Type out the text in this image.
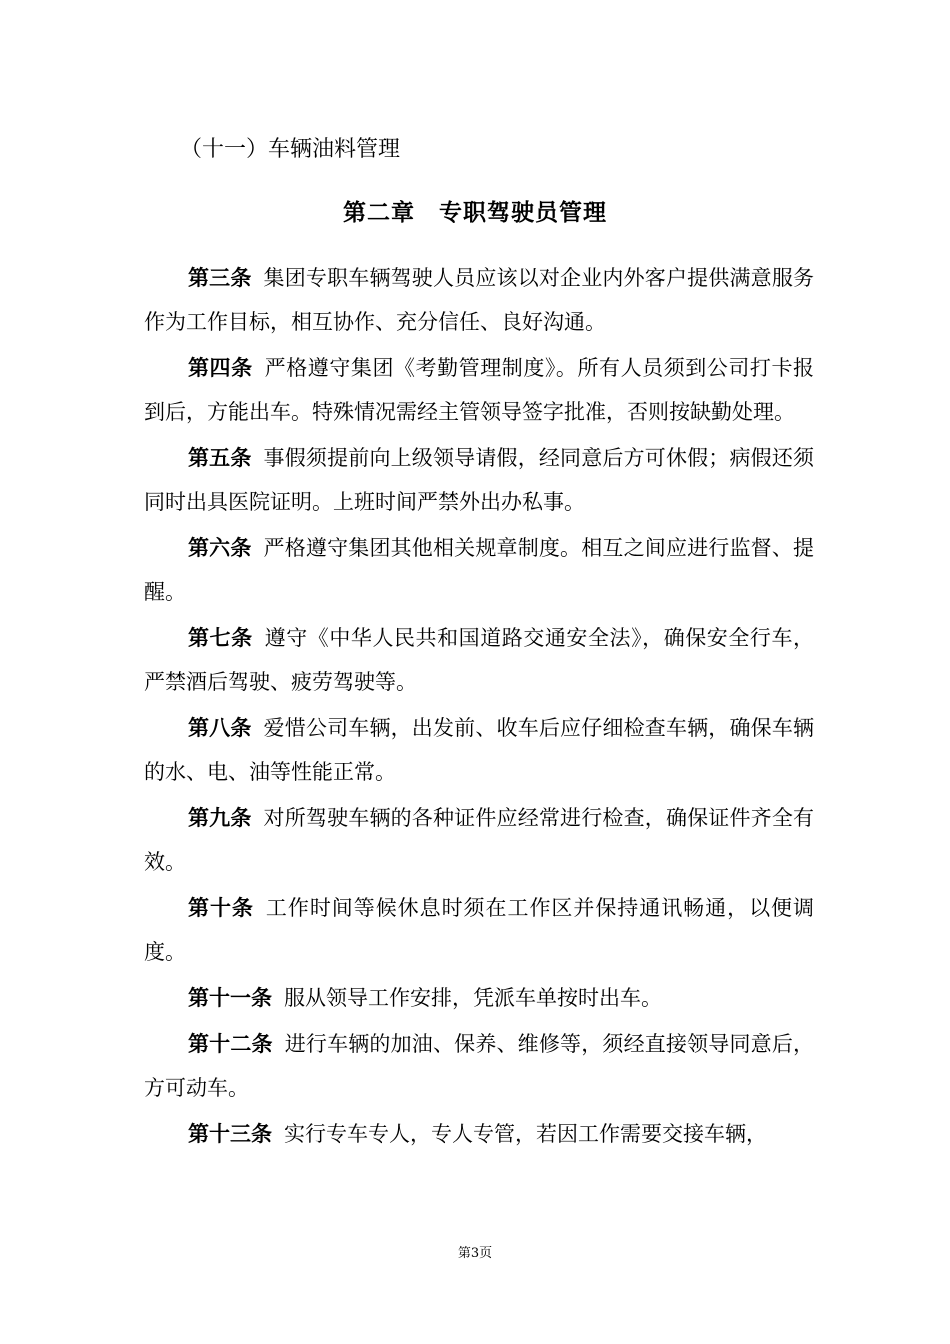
（十一）车辆油料管理
第二章 专职驾驶员管理

第三条 集团专职车辆驾驶人员应该以对企业内外客户提供满意服务作为工作目标，相互协作、充分信任、良好沟通。

第四条 严格遵守集团《考勤管理制度》。所有人员须到公司打卡报到后，方能出车。特殊情况需经主管领导签字批准，否则按缺勤处理。

第五条 事假须提前向上级领导请假，经同意后方可休假；病假还须同时出具医院证明。上班时间严禁外出办私事。

第六条 严格遵守集团其他相关规章制度。相互之间应进行监督、提醒。

第七条 遵守《中华人民共和国道路交通安全法》，确保安全行车，严禁酒后驾驶、疲劳驾驶等。

第八条 爱惜公司车辆，出发前、收车后应仔细检查车辆，确保车辆的水、电、油等性能正常。

第九条 对所驾驶车辆的各种证件应经常进行检查，确保证件齐全有效。

第十条 工作时间等候休息时须在工作区并保持通讯畅通，以便调度。

第十一条 服从领导工作安排，凭派车单按时出车。

第十二条 进行车辆的加油、保养、维修等，须经直接领导同意后，方可动车。

第十三条 实行专车专人，专人专管，若因工作需要交接车辆，

第3页
